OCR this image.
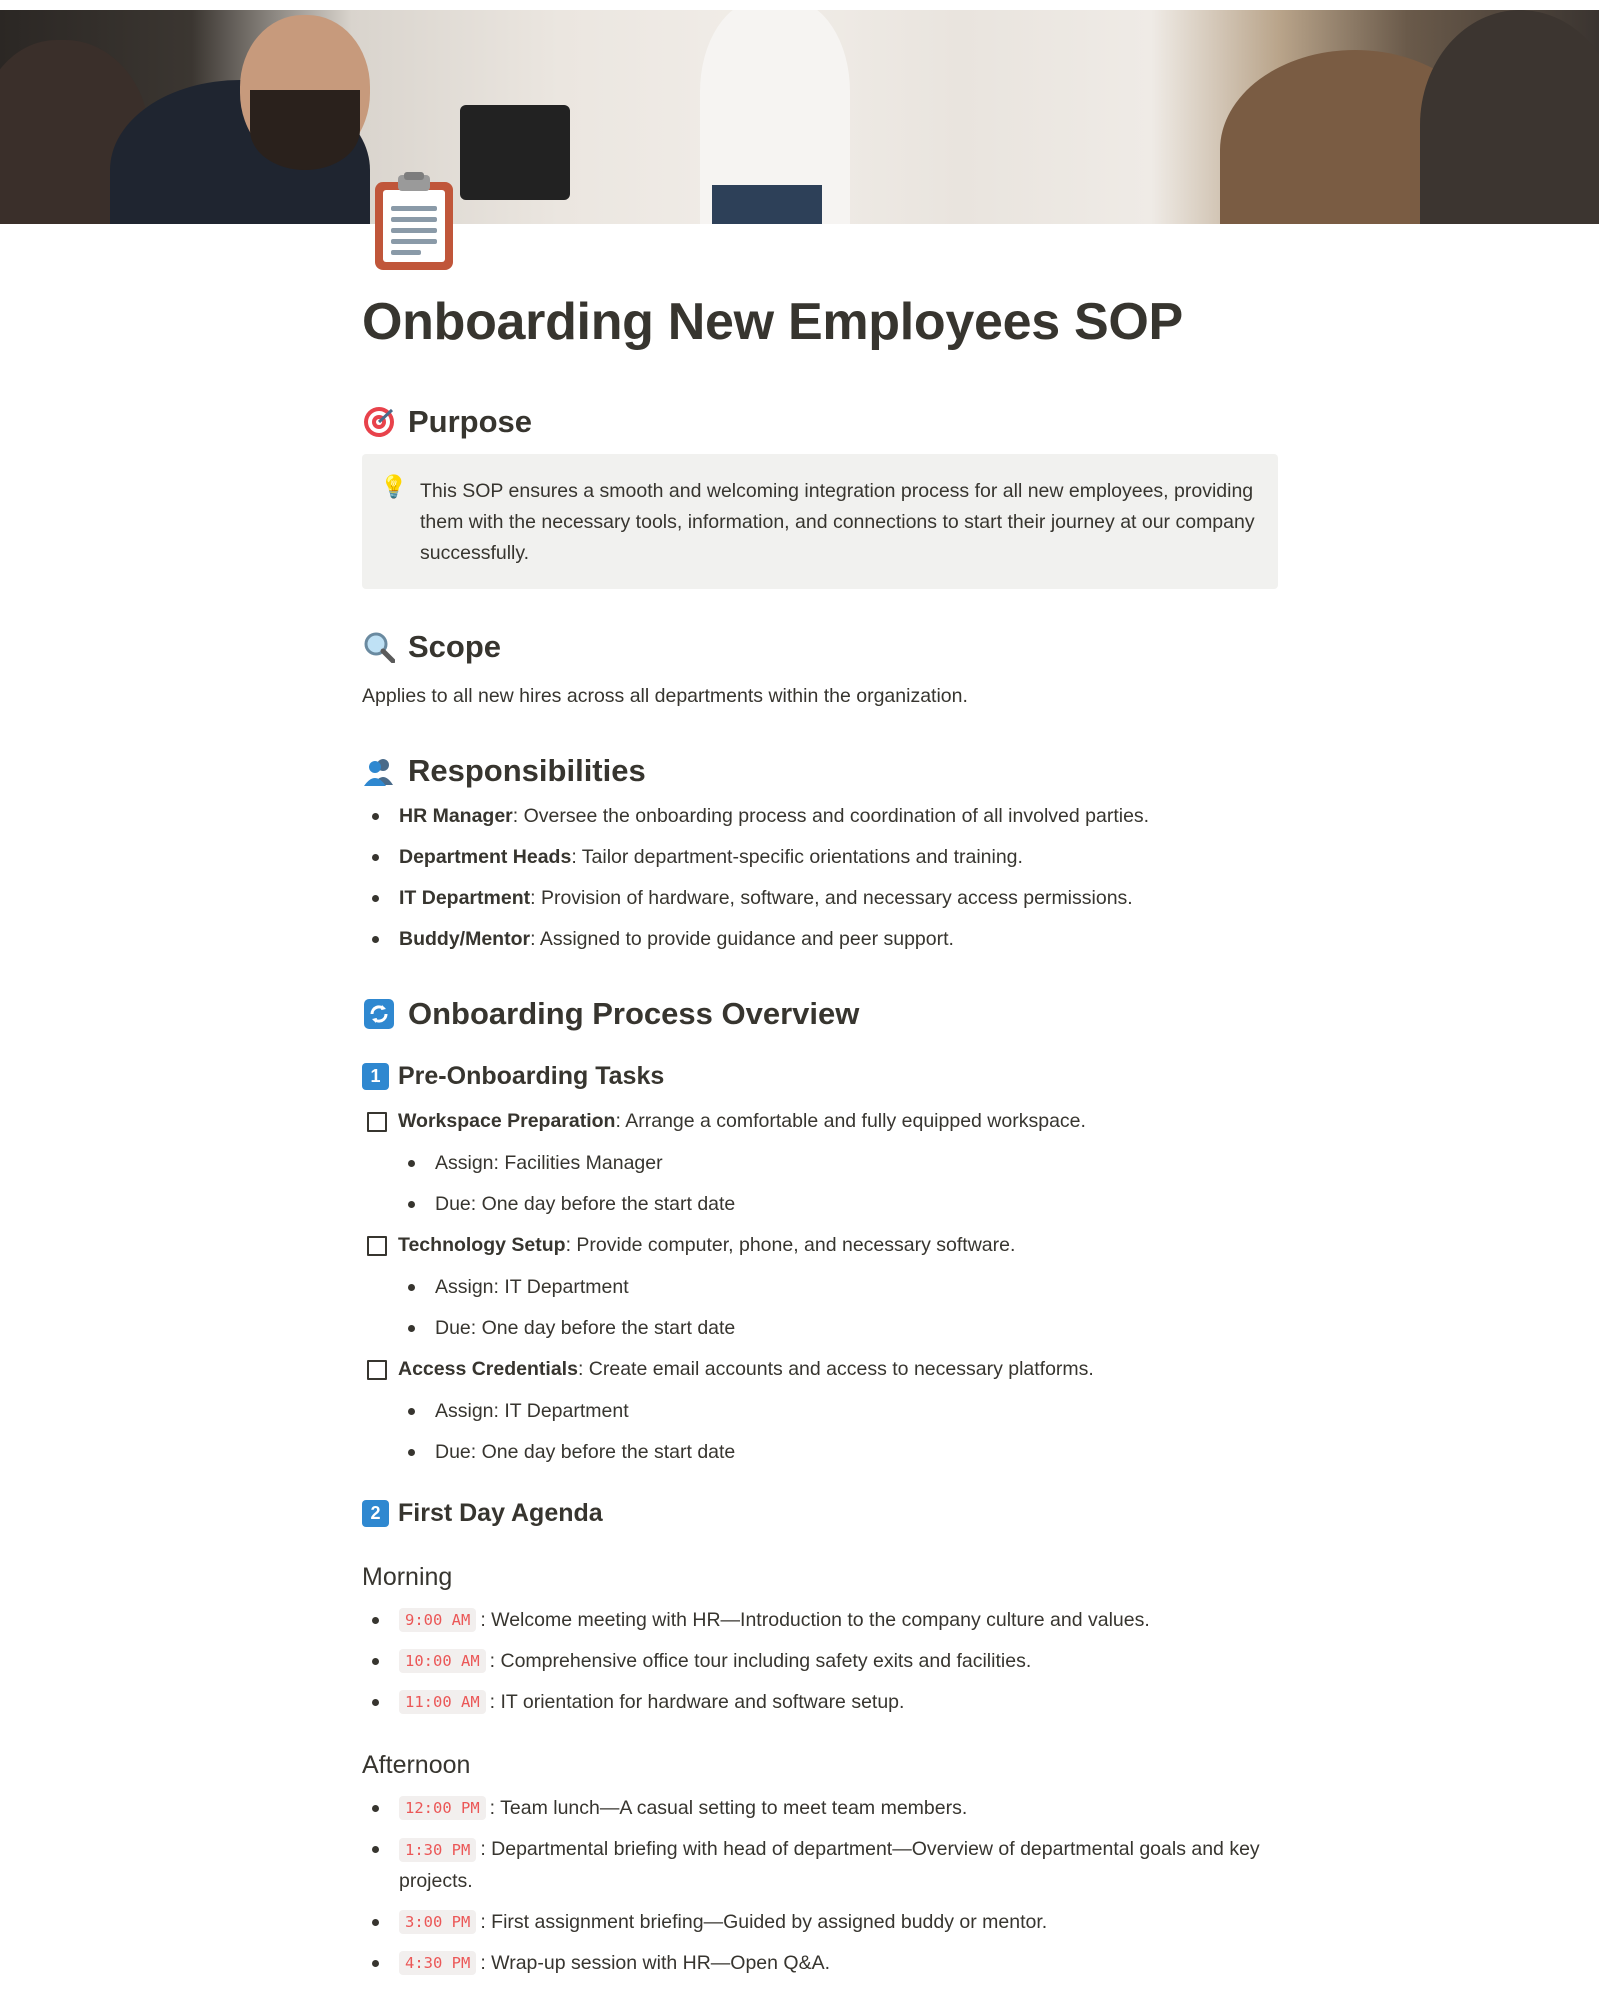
Onboarding New Employees SOP
Purpose
💡 This SOP ensures a smooth and welcoming integration process for all new employees, providing them with the necessary tools, information, and connections to start their journey at our company successfully.
Scope
Applies to all new hires across all departments within the organization.
Responsibilities
HR Manager : Oversee the onboarding process and coordination of all involved parties.
Department Heads : Tailor department-specific orientations and training.
IT Department : Provision of hardware, software, and necessary access permissions.
Buddy/Mentor : Assigned to provide guidance and peer support.
Onboarding Process Overview
1 Pre-Onboarding Tasks
Workspace Preparation : Arrange a comfortable and fully equipped workspace.
Assign: Facilities Manager
Due: One day before the start date
Technology Setup : Provide computer, phone, and necessary software.
Assign: IT Department
Due: One day before the start date
Access Credentials : Create email accounts and access to necessary platforms.
Assign: IT Department
Due: One day before the start date
2 First Day Agenda
Morning
9:00 AM : Welcome meeting with HR—Introduction to the company culture and values.
10:00 AM : Comprehensive office tour including safety exits and facilities.
11:00 AM : IT orientation for hardware and software setup.
Afternoon
12:00 PM : Team lunch—A casual setting to meet team members.
1:30 PM : Departmental briefing with head of department—Overview of departmental goals and key projects.
3:00 PM : First assignment briefing—Guided by assigned buddy or mentor.
4:30 PM : Wrap-up session with HR—Open Q&A.
